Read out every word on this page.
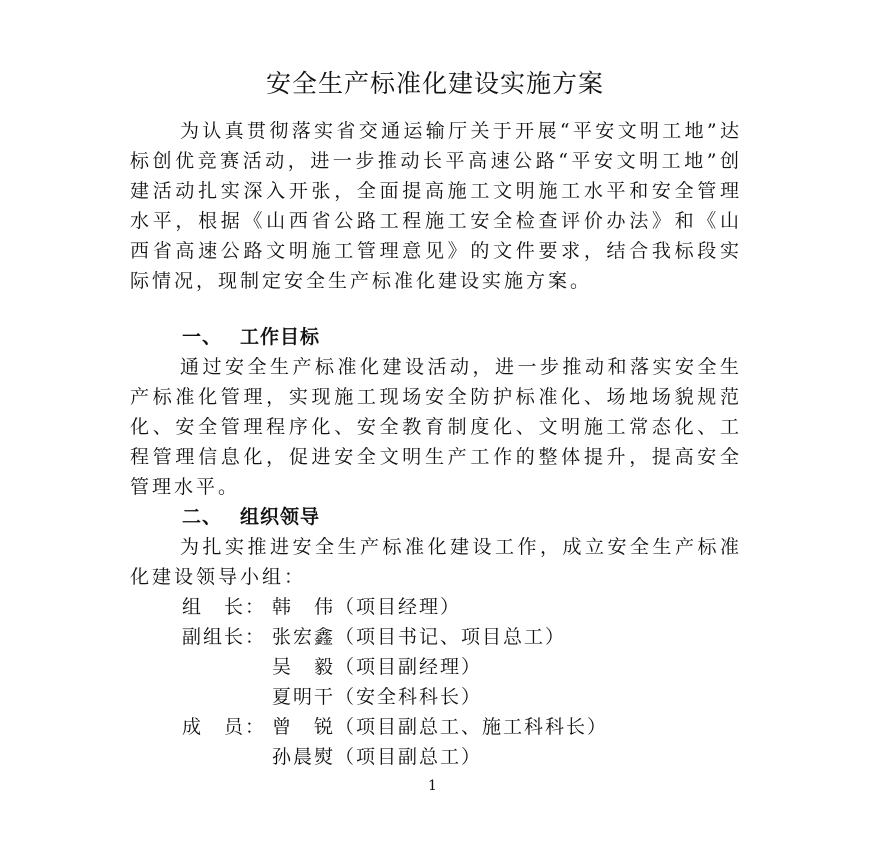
安全生产标准化建设实施方案

为认真贯彻落实省交通运输厅关于开展“平安文明工地”达标创优竞赛活动，进一步推动长平高速公路“平安文明工地”创建活动扎实深入开张，全面提高施工文明施工水平和安全管理水平，根据《山西省公路工程施工安全检查评价办法》和《山西省高速公路文明施工管理意见》的文件要求，结合我标段实际情况，现制定安全生产标准化建设实施方案。

一、 工作目标

通过安全生产标准化建设活动，进一步推动和落实安全生产标准化管理，实现施工现场安全防护标准化、场地场貌规范化、安全管理程序化、安全教育制度化、文明施工常态化、工程管理信息化，促进安全文明生产工作的整体提升，提高安全管理水平。

二、 组织领导

为扎实推进安全生产标准化建设工作，成立安全生产标准化建设领导小组：

组　长： 韩　伟（项目经理）
副组长： 张宏鑫（项目书记、项目总工）
吴　毅（项目副经理）
夏明干（安全科科长）
成　员： 曾　锐（项目副总工、施工科科长）
孙晨熨（项目副总工）
1
